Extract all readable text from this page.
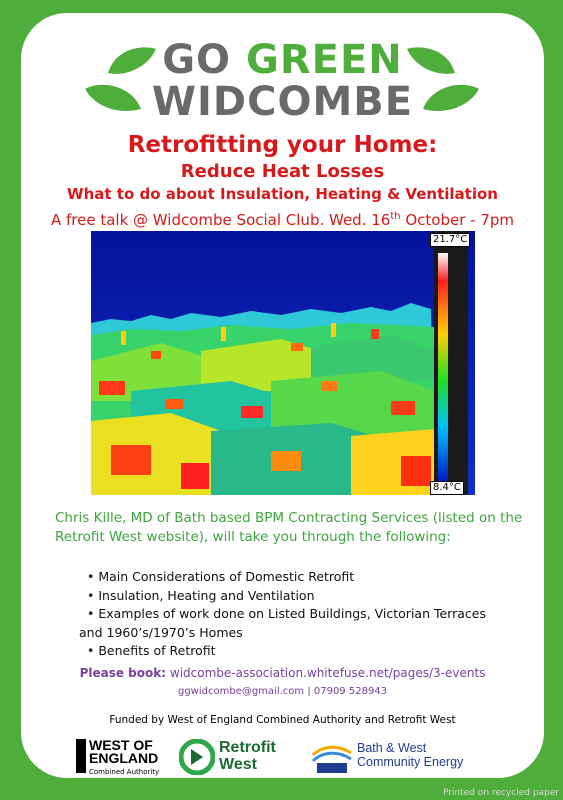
GO GREEN
WIDCOMBE
Retrofitting your Home:
Reduce Heat Losses
What to do about Insulation, Heating & Ventilation
A free talk @ Widcombe Social Club. Wed. 16th October - 7pm
21.7°C
8.4°C
Chris Kille, MD of Bath based BPM Contracting Services (listed on the Retrofit West website), will take you through the following:
• Main Considerations of Domestic Retrofit
• Insulation, Heating and Ventilation
• Examples of work done on Listed Buildings, Victorian Terraces
and 1960’s/1970’s Homes
• Benefits of Retrofit
Please book: widcombe-association.whitefuse.net/pages/3-events
ggwidcombe@gmail.com | 07909 528943
Funded by West of England Combined Authority and Retrofit West
WEST OF
ENGLAND
Combined Authority
Retrofit
West
Bath & West
Community Energy
Printed on recycled paper
